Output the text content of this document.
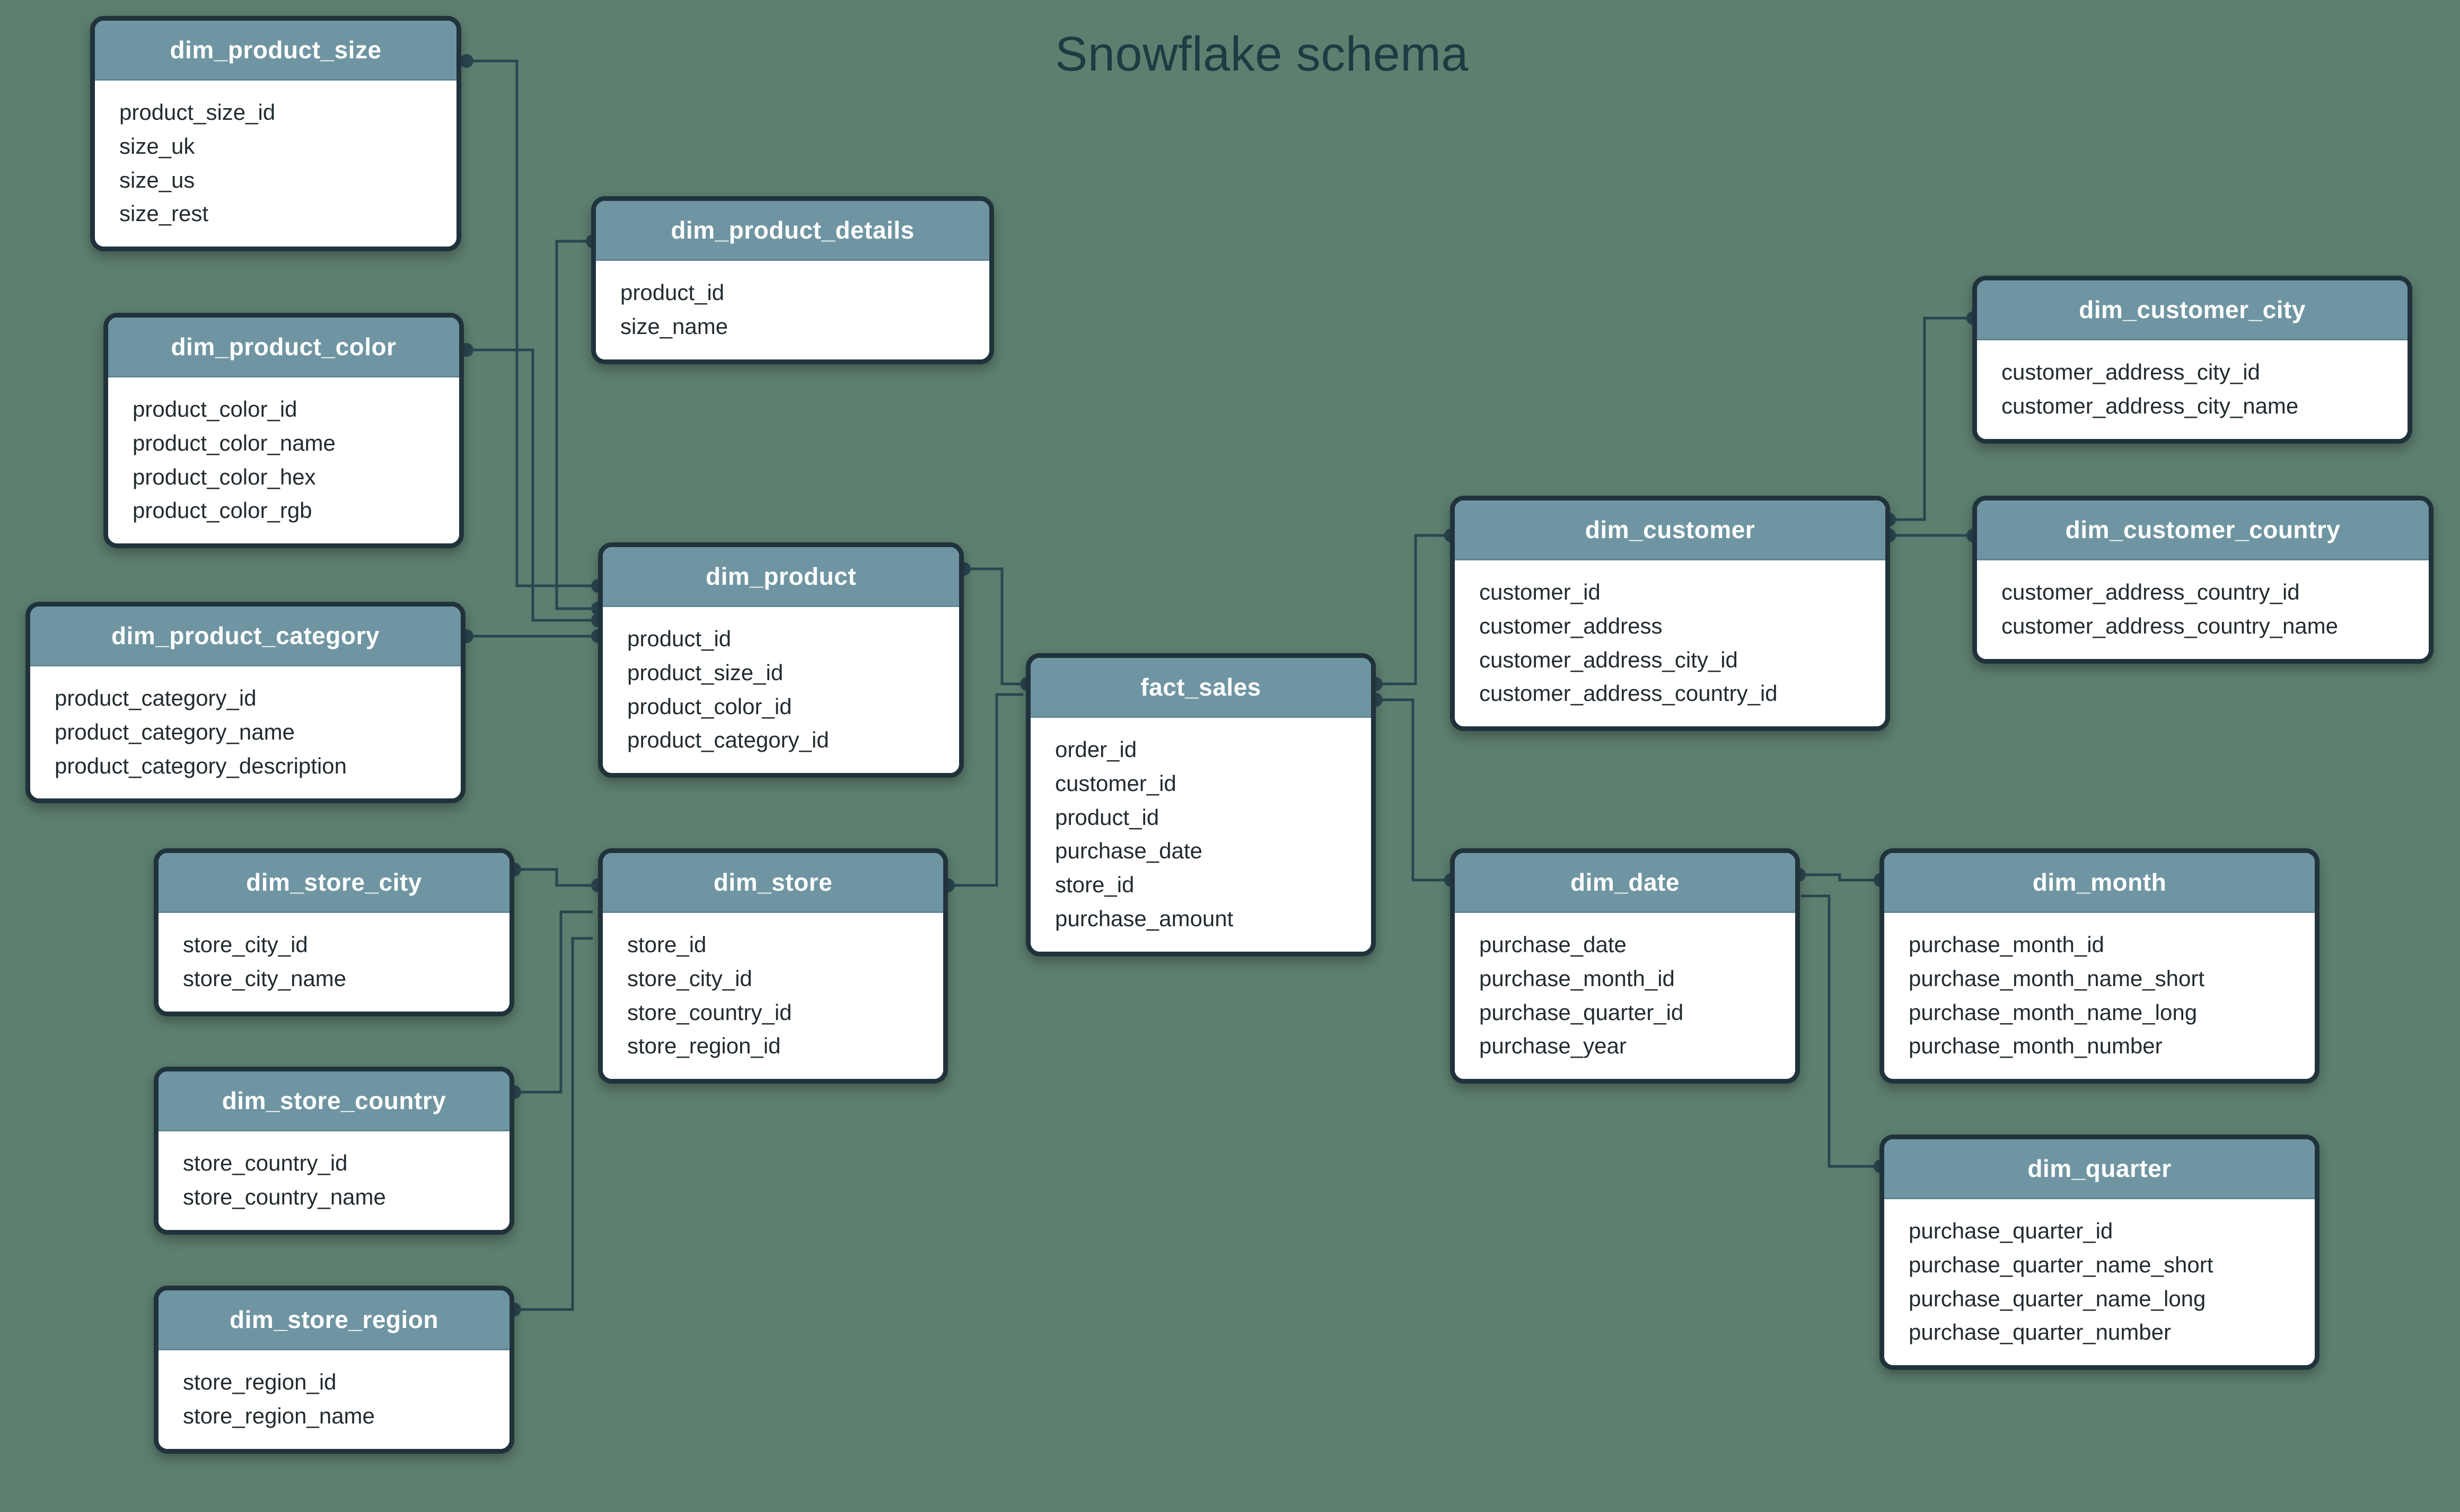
Snowflake schema
dim_product_size
product_size_id
size_uk
size_us
size_rest
dim_product_details
product_id
size_name
dim_product_color
product_color_id
product_color_name
product_color_hex
product_color_rgb
dim_product_category
product_category_id
product_category_name
product_category_description
dim_product
product_id
product_size_id
product_color_id
product_category_id
fact_sales
order_id
customer_id
product_id
purchase_date
store_id
purchase_amount
dim_customer
customer_id
customer_address
customer_address_city_id
customer_address_country_id
dim_customer_city
customer_address_city_id
customer_address_city_name
dim_customer_country
customer_address_country_id
customer_address_country_name
dim_store_city
store_city_id
store_city_name
dim_store
store_id
store_city_id
store_country_id
store_region_id
dim_store_country
store_country_id
store_country_name
dim_store_region
store_region_id
store_region_name
dim_date
purchase_date
purchase_month_id
purchase_quarter_id
purchase_year
dim_month
purchase_month_id
purchase_month_name_short
purchase_month_name_long
purchase_month_number
dim_quarter
purchase_quarter_id
purchase_quarter_name_short
purchase_quarter_name_long
purchase_quarter_number
